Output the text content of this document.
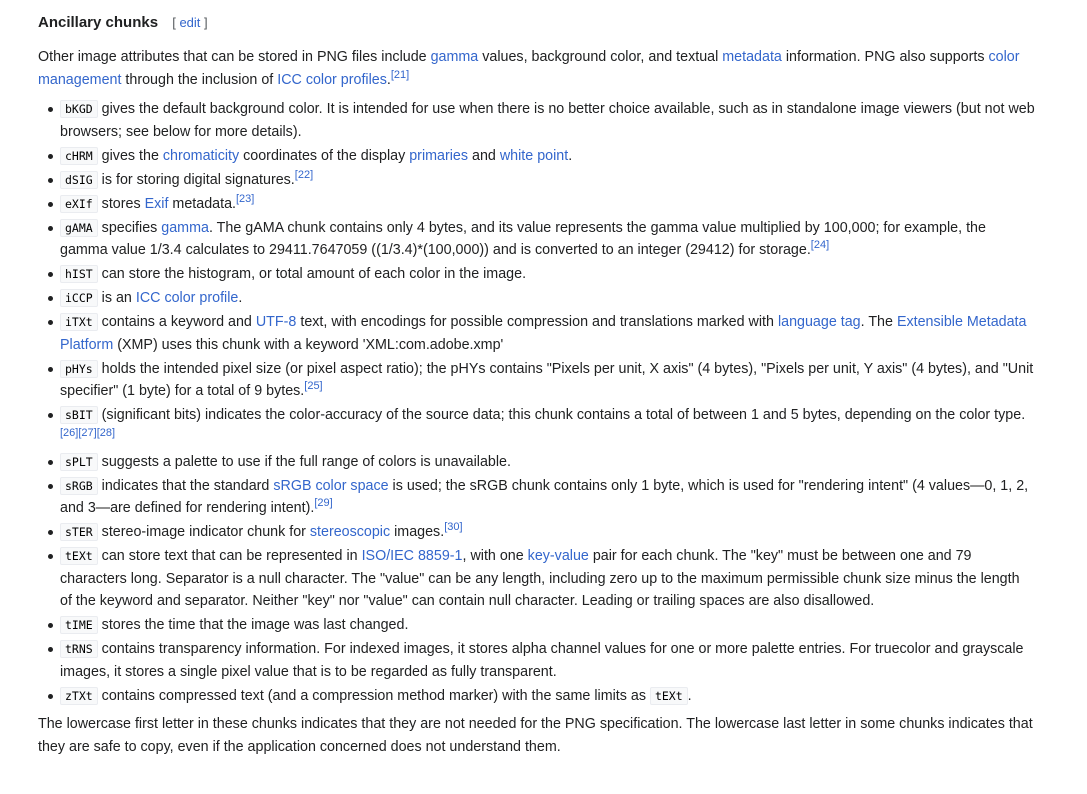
Ancillary chunks [ edit ]

Other image attributes that can be stored in PNG files include gamma values, background color, and textual metadata information. PNG also supports color management through the inclusion of ICC color profiles.[21]

bKGD gives the default background color. It is intended for use when there is no better choice available, such as in standalone image viewers (but not web browsers; see below for more details).
cHRM gives the chromaticity coordinates of the display primaries and white point.
dSIG is for storing digital signatures.[22]
eXIf stores Exif metadata.[23]
gAMA specifies gamma. The gAMA chunk contains only 4 bytes, and its value represents the gamma value multiplied by 100,000; for example, the gamma value 1/3.4 calculates to 29411.7647059 ((1/3.4)*(100,000)) and is converted to an integer (29412) for storage.[24]
hIST can store the histogram, or total amount of each color in the image.
iCCP is an ICC color profile.
iTXt contains a keyword and UTF-8 text, with encodings for possible compression and translations marked with language tag. The Extensible Metadata Platform (XMP) uses this chunk with a keyword 'XML:com.adobe.xmp'
pHYs holds the intended pixel size (or pixel aspect ratio); the pHYs contains "Pixels per unit, X axis" (4 bytes), "Pixels per unit, Y axis" (4 bytes), and "Unit specifier" (1 byte) for a total of 9 bytes.[25]
sBIT (significant bits) indicates the color-accuracy of the source data; this chunk contains a total of between 1 and 5 bytes, depending on the color type.[26][27][28]
sPLT suggests a palette to use if the full range of colors is unavailable.
sRGB indicates that the standard sRGB color space is used; the sRGB chunk contains only 1 byte, which is used for "rendering intent" (4 values—0, 1, 2, and 3—are defined for rendering intent).[29]
sTER stereo-image indicator chunk for stereoscopic images.[30]
tEXt can store text that can be represented in ISO/IEC 8859-1, with one key-value pair for each chunk. The "key" must be between one and 79 characters long. Separator is a null character. The "value" can be any length, including zero up to the maximum permissible chunk size minus the length of the keyword and separator. Neither "key" nor "value" can contain null character. Leading or trailing spaces are also disallowed.
tIME stores the time that the image was last changed.
tRNS contains transparency information. For indexed images, it stores alpha channel values for one or more palette entries. For truecolor and grayscale images, it stores a single pixel value that is to be regarded as fully transparent.
zTXt contains compressed text (and a compression method marker) with the same limits as tEXt .

The lowercase first letter in these chunks indicates that they are not needed for the PNG specification. The lowercase last letter in some chunks indicates that they are safe to copy, even if the application concerned does not understand them.
